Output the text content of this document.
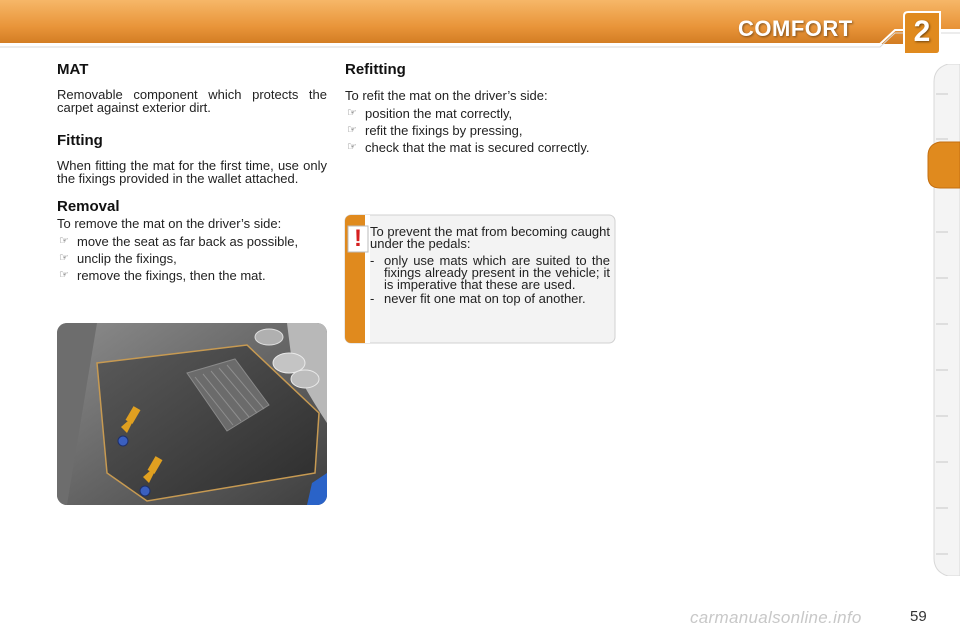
COMFORT 2
MAT

Removable component which protects the carpet against exterior dirt.

Fitting

When fitting the mat for the first time, use only the fixings provided in the wallet attached.

Removal

To remove the mat on the driver’s side:

☞ move the seat as far back as possible,
☞ unclip the fixings,
☞ remove the fixings, then the mat.
Refitting

To refit the mat on the driver’s side:

☞ position the mat correctly,
☞ refit the fixings by pressing,
☞ check that the mat is secured correctly.
! To prevent the mat from becoming caught under the pedals:

- only use mats which are suited to the fixings already present in the vehicle; it is imperative that these are used.

- never fit one mat on top of another.

carmanualsonline.info	59
